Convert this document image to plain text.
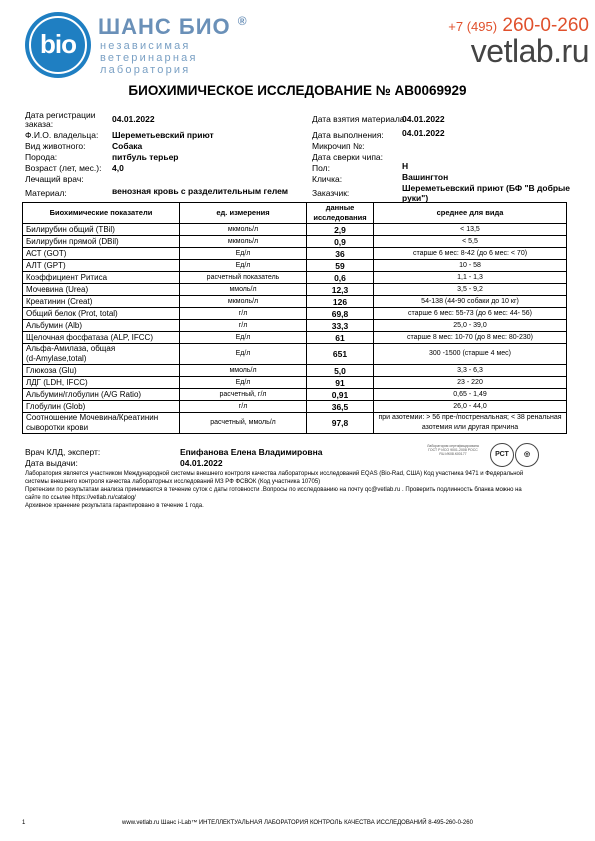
bio
ШАНС БИО ®
независимая
ветеринарная
лаборатория
+7 (495) 260-0-260
vetlab.ru
БИОХИМИЧЕСКОЕ ИССЛЕДОВАНИЕ № АВ0069929
Дата регистрации
заказа:	04.01.2022
Ф.И.О. владельца: Шереметьевский приют
Вид животного:	Собака
Порода:	питбуль терьер
Возраст (лет, мес.): 4,0
Лечащий врач:
Материал:	венозная кровь с разделительным гелем
Дата взятия материала
04.01.2022
Дата выполнения: 04.01.2022
Микрочип №:
Дата сверки чипа:
Пол:	Н
Кличка:	Вашингтон
Заказчик:	Шереметьевский приют (БФ "В добрые
руки")
Биохимические показатели	ед. измерения	данные
исследования	среднее для вида
Билирубин общий (TBil)	мкмоль/л	2,9	< 13,5
Билирубин прямой (DBil)	мкмоль/л	0,9	< 5,5
АСТ (GOT)	Ед/л	36	старше 6 мес: 8-42 (до 6 мес: < 70)
АЛТ (GPT)	Ед/л	59	10 - 58
Коэффициент Ритиса	расчетный показатель	0,6	1,1 - 1,3
Мочевина (Urea)	ммоль/л	12,3	3,5 - 9,2
Креатинин (Creat)	мкмоль/л	126	54-138 (44-90 собаки до 10 кг)
Общий белок (Prot, total)	г/л	69,8	старше 6 мес: 55-73 (до 6 мес: 44- 56)
Альбумин (Alb)	г/л	33,3	25,0 - 39,0
Щелочная фосфатаза (ALP, IFCC)	Ед/л	61	старше 8 мес: 10-70 (до 8 мес: 80-230)
Альфа-Амилаза, общая
(d-Amylase,total)	Ед/л	651	300 -1500 (старше 4 мес)
Глюкоза (Glu)	ммоль/л	5,0	3,3 - 6,3
ЛДГ (LDH, IFCC)	Ед/л	91	23 - 220
Альбумин/глобулин (A/G Ratio)	расчетный, г/л	0,91	0,65 - 1,49
Глобулин (Glob)	г/л	36,5	26,0 - 44,0
Соотношение Мочевина/Креатинин
сыворотки крови	расчетный, ммоль/л	97,8	при азотемии: > 56 пре-/постренальная; < 38 ренальная
азотемия или другая причина
Врач КЛД, эксперт:	Епифанова Елена Владимировна
Дата выдачи:	04.01.2022
Лаборатория сертифицирована ГОСТ Р ИСО 9001-2008 РОСС RU.ИК08.К00177	РСТ	◎
Лаборатория является участником Международной системы внешнего контроля качества лабораторных исследований EQAS (Bio-Rad, США) Код участника 9471 и Федеральной
системы внешнего контроля качества лабораторных исследований МЗ РФ ФСВОК (Код участника 10705)
Претензии по результатам анализа принимаются в течение суток с даты готовности .Вопросы по исследованию на почту qc@vetlab.ru . Проверить подлинность бланка можно на
сайте по ссылке https://vetlab.ru/catalog/
Архивное хранение результата гарантировано в течение 1 года.
1	www.vetlab.ru Шанс i-Lab™ ИНТЕЛЛЕКТУАЛЬНАЯ ЛАБОРАТОРИЯ КОНТРОЛЬ КАЧЕСТВА ИССЛЕДОВАНИЙ 8-495-260-0-260
